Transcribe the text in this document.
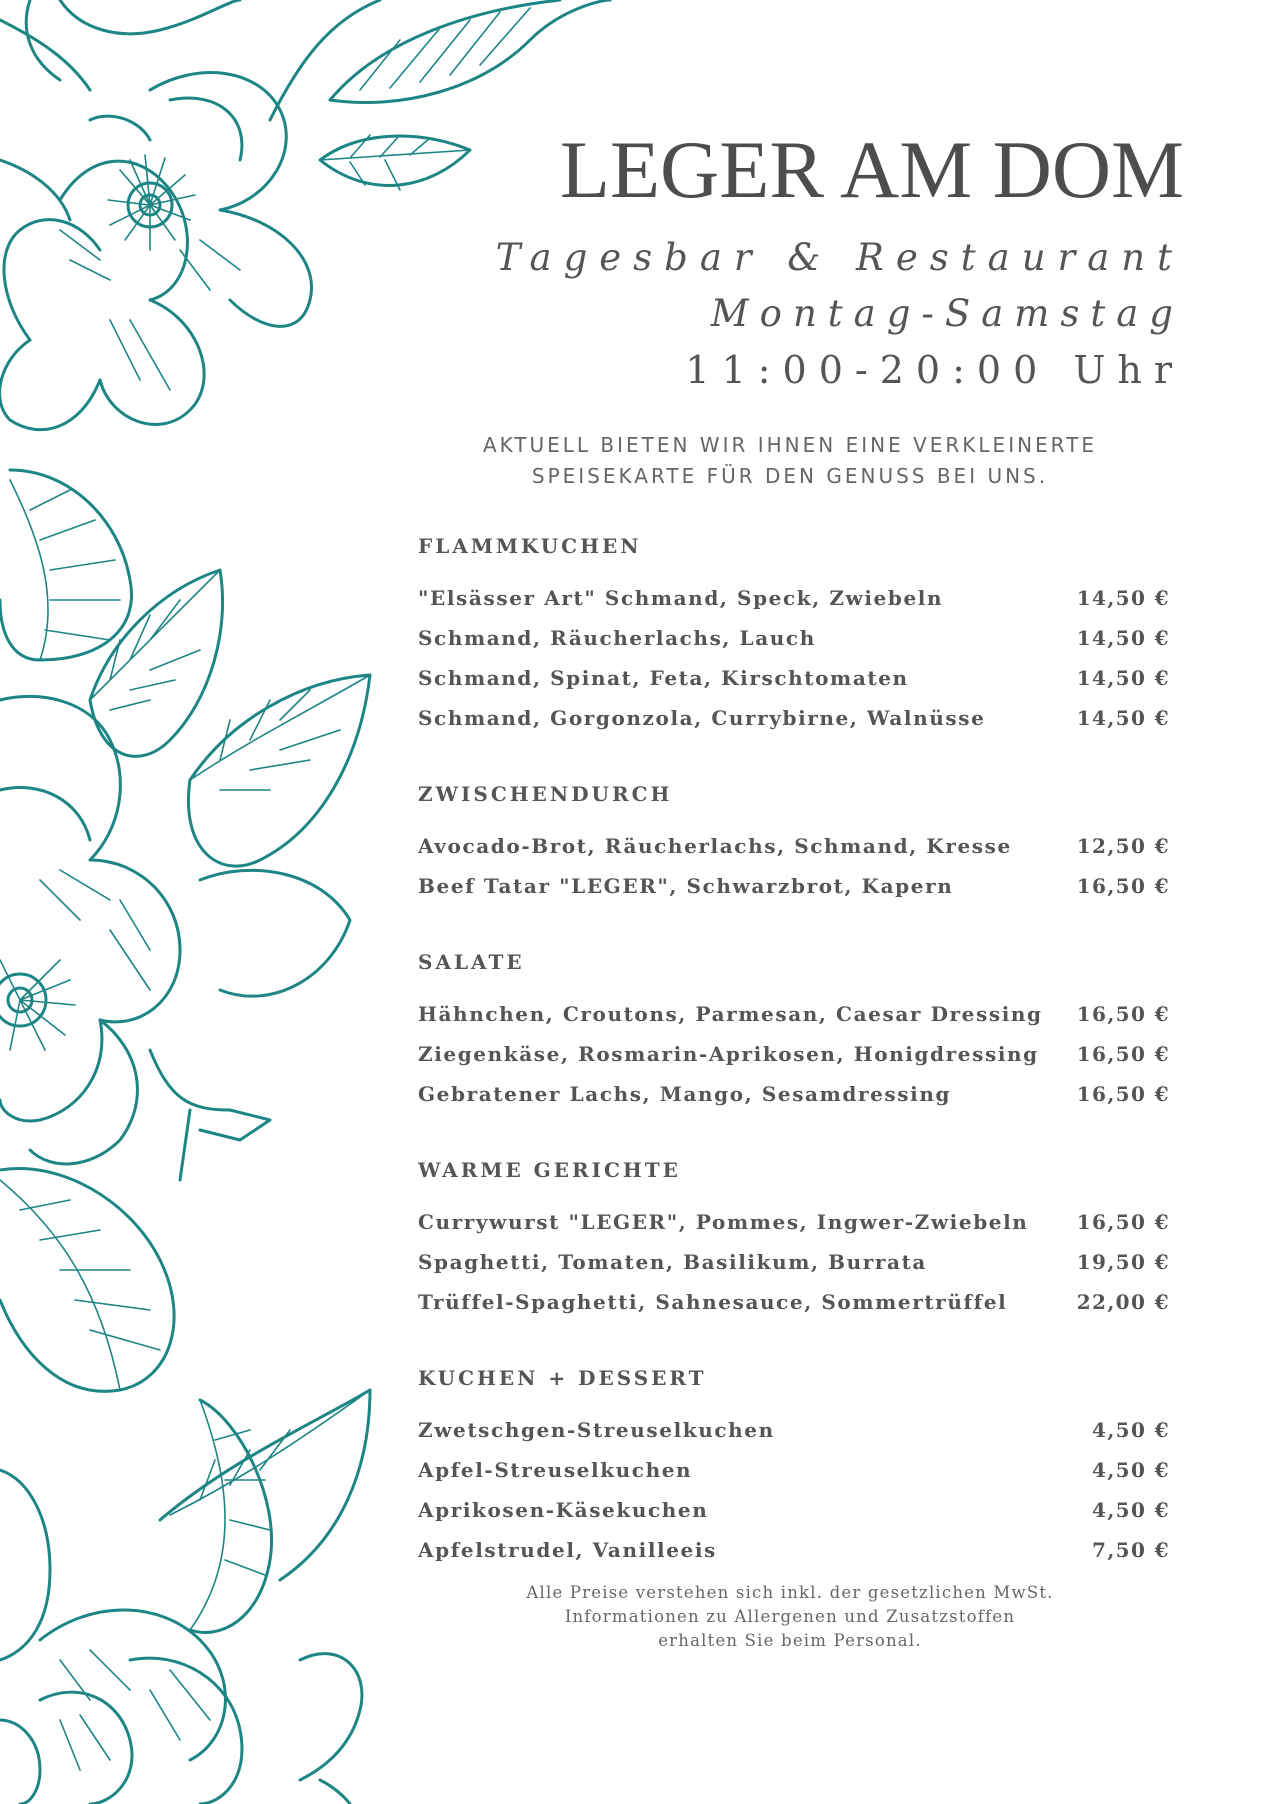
LEGER AM DOM
Tagesbar & Restaurant
Montag-Samstag
11:00-20:00 Uhr
AKTUELL BIETEN WIR IHNEN EINE VERKLEINERTE
SPEISEKARTE FÜR DEN GENUSS BEI UNS.
FLAMMKUCHEN
"Elsässer Art" Schmand, Speck, Zwiebeln	14,50 €
Schmand, Räucherlachs, Lauch	14,50 €
Schmand, Spinat, Feta, Kirschtomaten	14,50 €
Schmand, Gorgonzola, Currybirne, Walnüsse	14,50 €
ZWISCHENDURCH
Avocado-Brot, Räucherlachs, Schmand, Kresse	12,50 €
Beef Tatar "LEGER", Schwarzbrot, Kapern	16,50 €
SALATE
Hähnchen, Croutons, Parmesan, Caesar Dressing 16,50 €
Ziegenkäse, Rosmarin-Aprikosen, Honigdressing 16,50 €
Gebratener Lachs, Mango, Sesamdressing	16,50 €
WARME GERICHTE
Currywurst "LEGER", Pommes, Ingwer-Zwiebeln 16,50 €
Spaghetti, Tomaten, Basilikum, Burrata	19,50 €
Trüffel-Spaghetti, Sahnesauce, Sommertrüffel	22,00 €
KUCHEN + DESSERT
Zwetschgen-Streuselkuchen	4,50 €
Apfel-Streuselkuchen	4,50 €
Aprikosen-Käsekuchen	4,50 €
Apfelstrudel, Vanilleeis	7,50 €
Alle Preise verstehen sich inkl. der gesetzlichen MwSt.
Informationen zu Allergenen und Zusatzstoffen
erhalten Sie beim Personal.
